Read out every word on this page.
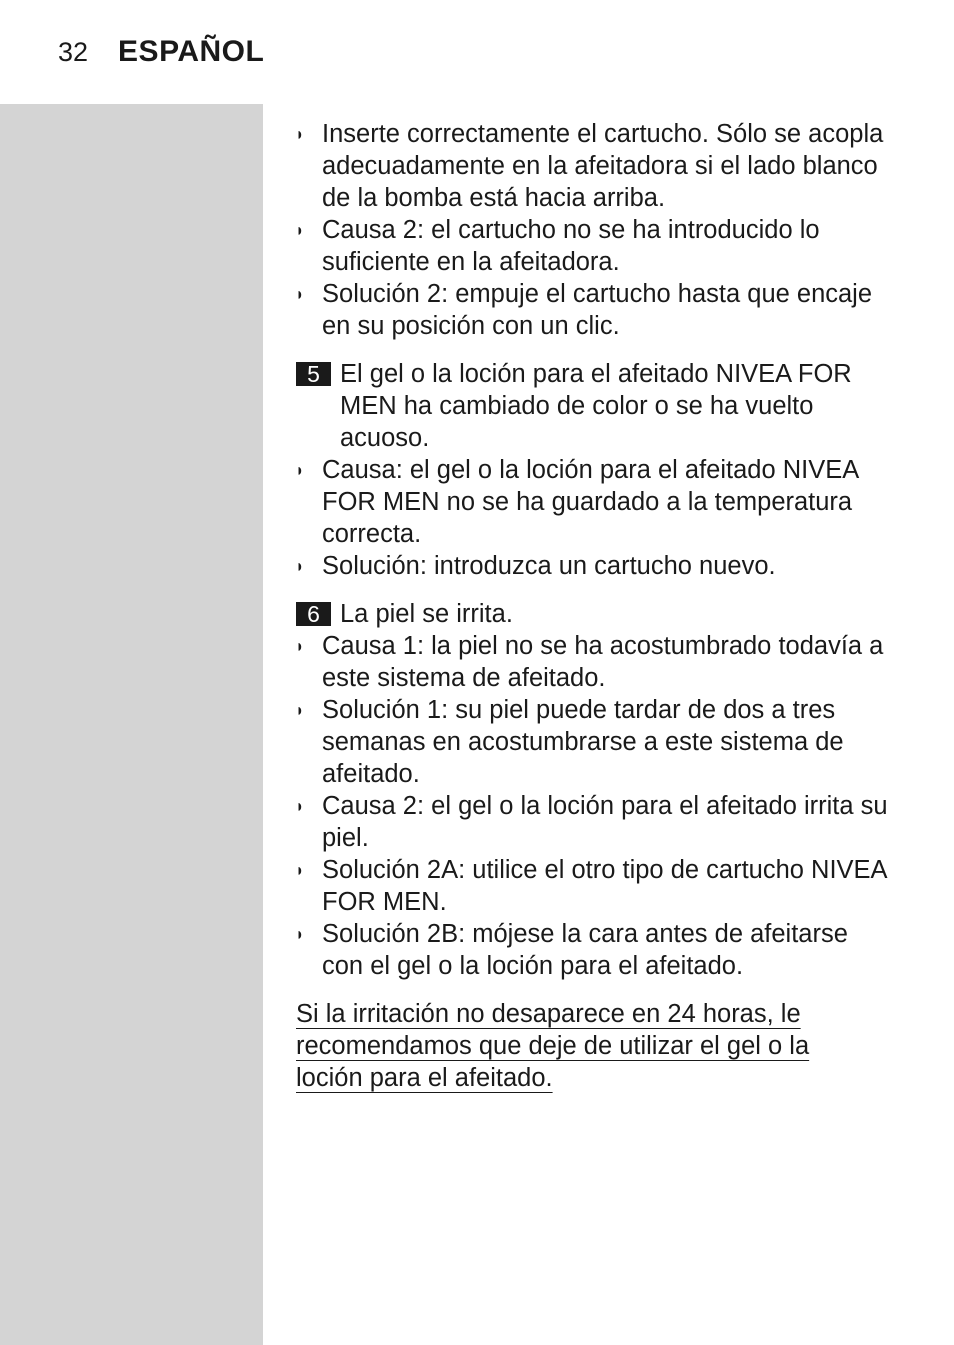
32 ESPAÑOL
◗ Inserte correctamente el cartucho. Sólo se acopla adecuadamente en la afeitadora si el lado blanco de la bomba está hacia arriba.
◗ Causa 2: el cartucho no se ha introducido lo suficiente en la afeitadora.
◗ Solución 2: empuje el cartucho hasta que encaje en su posición con un clic.
5 El gel o la loción para el afeitado NIVEA FOR MEN ha cambiado de color o se ha vuelto acuoso.
◗ Causa: el gel o la loción para el afeitado NIVEA FOR MEN no se ha guardado a la temperatura correcta.
◗ Solución: introduzca un cartucho nuevo.
6 La piel se irrita.
◗ Causa 1: la piel no se ha acostumbrado todavía a este sistema de afeitado.
◗ Solución 1: su piel puede tardar de dos a tres semanas en acostumbrarse a este sistema de afeitado.
◗ Causa 2: el gel o la loción para el afeitado irrita su piel.
◗ Solución 2A: utilice el otro tipo de cartucho NIVEA FOR MEN.
◗ Solución 2B: mójese la cara antes de afeitarse con el gel o la loción para el afeitado.
Si la irritación no desaparece en 24 horas, le recomendamos que deje de utilizar el gel o la loción para el afeitado.
